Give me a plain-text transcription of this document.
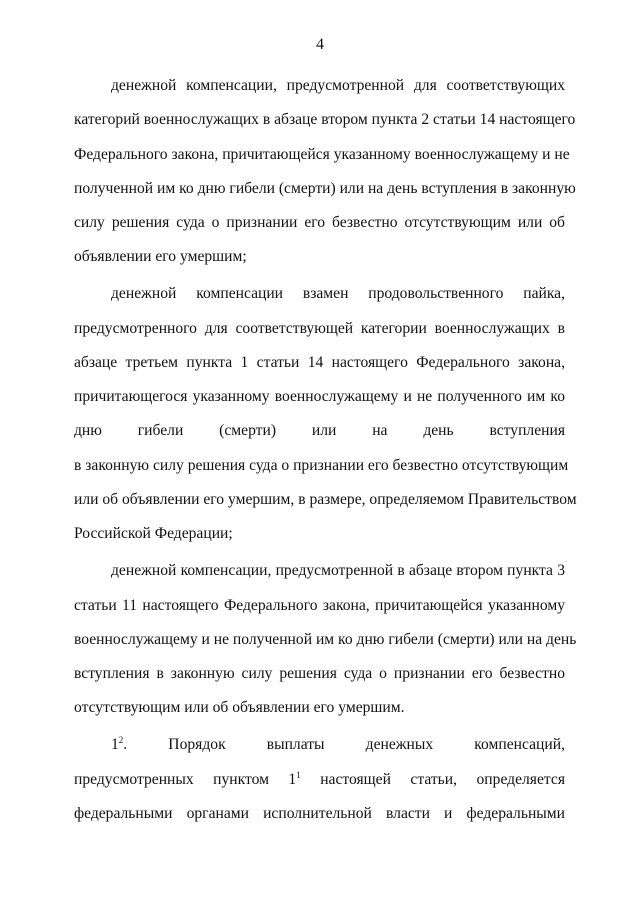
4
денежной компенсации, предусмотренной для соответствующих
категорий военнослужащих в абзаце втором пункта 2 статьи 14 настоящего
Федерального закона, причитающейся указанному военнослужащему и не
полученной им ко дню гибели (смерти) или на день вступления в законную
силу решения суда о признании его безвестно отсутствующим или об
объявлении его умершим;
денежной компенсации взамен продовольственного пайка,
предусмотренного для соответствующей категории военнослужащих в
абзаце третьем пункта 1 статьи 14 настоящего Федерального закона,
причитающегося указанному военнослужащему и не полученного им ко
дню гибели (смерти) или на день вступления
в законную силу решения суда о признании его безвестно отсутствующим
или об объявлении его умершим, в размере, определяемом Правительством
Российской Федерации;
денежной компенсации, предусмотренной в абзаце втором пункта 3
статьи 11 настоящего Федерального закона, причитающейся указанному
военнослужащему и не полученной им ко дню гибели (смерти) или на день
вступления в законную силу решения суда о признании его безвестно
отсутствующим или об объявлении его умершим.
$1^2$. Порядок выплаты денежных компенсаций,
предусмотренных пунктом $1^1$ настоящей статьи, определяется
федеральными органами исполнительной власти и федеральными
